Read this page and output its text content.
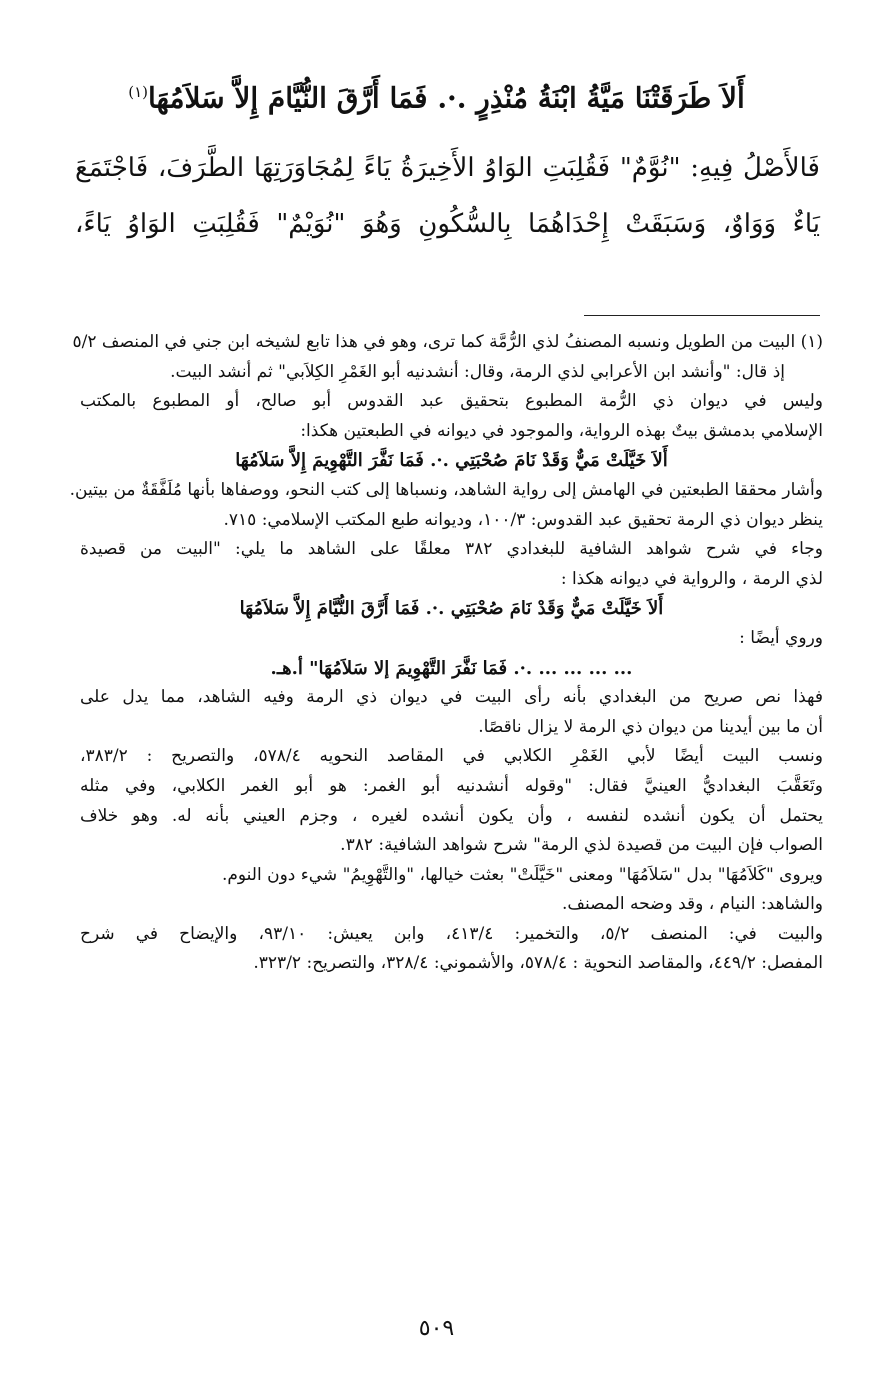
أَلاَ طَرَقَتْنَا مَيَّةُ ابْنَةُ مُنْذِرٍ .·. فَمَا أَرَّقَ النُّيَّامَ إِلاَّ سَلاَمُهَا$^{(١)}$

فَالأَصْلُ فِيهِ: "نُوَّمٌ" فَقُلِبَتِ الوَاوُ الأَخِيرَةُ يَاءً لِمُجَاوَرَتِهَا الطَّرَفَ، فَاجْتَمَعَ

يَاءٌ وَوَاوٌ، وَسَبَقَتْ إِحْدَاهُمَا بِالسُّكُونِ وَهُوَ "نُوَيْمٌ" فَقُلِبَتِ الوَاوُ يَاءً،

(١) البيت من الطويل ونسبه المصنفُ لذي الرُّمَّة كما ترى، وهو في هذا تابع لشيخه ابن جني في المنصف ٥/٢

إذ قال: "وأنشد ابن الأعرابي لذي الرمة، وقال: أنشدنيه أبو الغَمْرِ الكِلاَبي" ثم أنشد البيت.

وليس في ديوان ذي الرُّمة المطبوع بتحقيق عبد القدوس أبو صالح، أو المطبوع بالمكتب

الإسلامي بدمشق بيتٌ بهذه الرواية، والموجود في ديوانه في الطبعتين هكذا:

أَلاَ خَيَّلَتْ مَيٌّ وَقَدْ نَامَ صُحْبَتِي .·. فَمَا نَفَّرَ التَّهْوِيمَ إِلاَّ سَلاَمُهَا

وأشار محققا الطبعتين في الهامش إلى رواية الشاهد، ونسباها إلى كتب النحو، ووصفاها بأنها مُلَفَّقَةٌ من بيتين.

ينظر ديوان ذي الرمة تحقيق عبد القدوس: ١٠٠/٣، وديوانه طبع المكتب الإسلامي: ٧١٥.

وجاء في شرح شواهد الشافية للبغدادي ٣٨٢ معلقًا على الشاهد ما يلي: "البيت من قصيدة

لذي الرمة ، والرواية في ديوانه هكذا :

أَلاَ خَيَّلَتْ مَيٌّ وَقَدْ نَامَ صُحْبَتِي .·. فَمَا أَرَّقَ النُّيَّامَ إِلاَّ سَلاَمُهَا

وروي أيضًا :

... ... ... ... .·. فَمَا نَفَّرَ التَّهْوِيمَ إلا سَلاَمُهَا" أ.هـ.

فهذا نص صريح من البغدادي بأنه رأى البيت في ديوان ذي الرمة وفيه الشاهد، مما يدل على

أن ما بين أيدينا من ديوان ذي الرمة لا يزال ناقصًا.

ونسب البيت أيضًا لأبي الغَمْرِ الكلابي في المقاصد النحويه ٥٧٨/٤، والتصريح : ٣٨٣/٢،

وتَعَقَّبَ البغداديُّ العينيَّ فقال: "وقوله أنشدنيه أبو الغمر: هو أبو الغمر الكلابي، وفي مثله

يحتمل أن يكون أنشده لنفسه ، وأن يكون أنشده لغيره ، وجزم العيني بأنه له. وهو خلاف

الصواب فإن البيت من قصيدة لذي الرمة" شرح شواهد الشافية: ٣٨٢.

ويروى "كَلاَمُهَا" بدل "سَلاَمُهَا" ومعنى "خَيَّلَتْ" بعثت خيالها، "والتَّهْوِيمُ" شيء دون النوم.

والشاهد: النيام ، وقد وضحه المصنف.

والبيت في: المنصف ٥/٢، والتخمير: ٤١٣/٤، وابن يعيش: ٩٣/١٠، والإيضاح في شرح

المفصل: ٤٤٩/٢، والمقاصد النحوية : ٥٧٨/٤، والأشموني: ٣٢٨/٤، والتصريح: ٣٢٣/٢.

٥٠٩
